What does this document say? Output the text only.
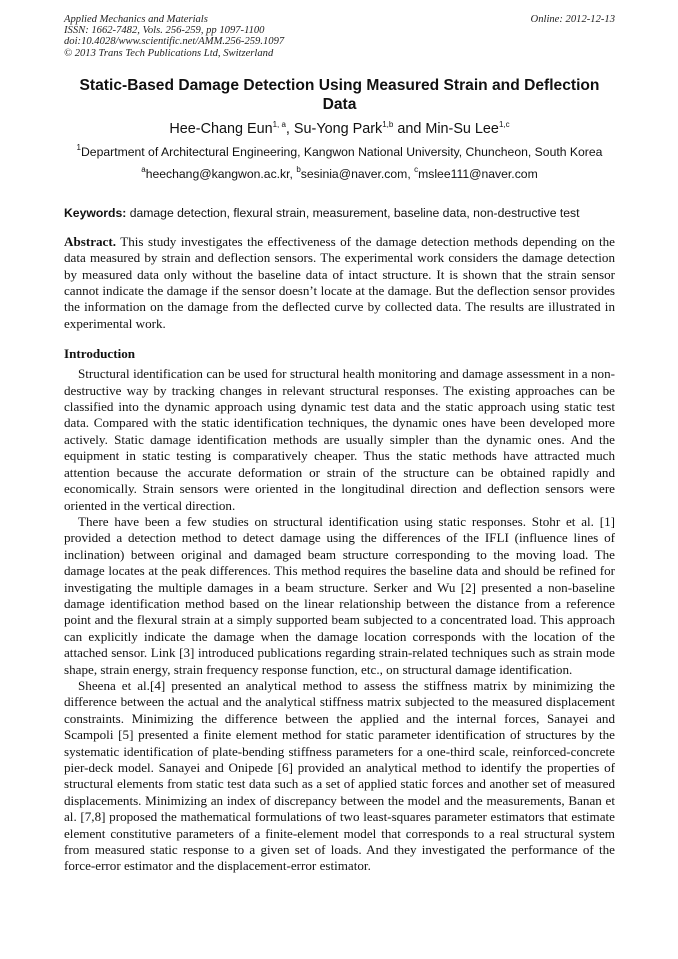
Applied Mechanics and Materials
ISSN: 1662-7482, Vols. 256-259, pp 1097-1100
doi:10.4028/www.scientific.net/AMM.256-259.1097
© 2013 Trans Tech Publications Ltd, Switzerland
Online: 2012-12-13
Static-Based Damage Detection Using Measured Strain and Deflection Data
Hee-Chang Eun$^{1, a}$, Su-Yong Park$^{1,b}$ and Min-Su Lee$^{1,c}$
$^1$Department of Architectural Engineering, Kangwon National University, Chuncheon, South Korea
$^a$heechang@kangwon.ac.kr, $^b$sesinia@naver.com, $^c$mslee111@naver.com
Keywords: damage detection, flexural strain, measurement, baseline data, non-destructive test

Abstract. This study investigates the effectiveness of the damage detection methods depending on the data measured by strain and deflection sensors. The experimental work considers the damage detection by measured data only without the baseline data of intact structure. It is shown that the strain sensor cannot indicate the damage if the sensor doesn’t locate at the damage. But the deflection sensor provides the information on the damage from the deflected curve by collected data. The results are illustrated in experimental work.

Introduction

Structural identification can be used for structural health monitoring and damage assessment in a non-destructive way by tracking changes in relevant structural responses. The existing approaches can be classified into the dynamic approach using dynamic test data and the static approach using static test data. Compared with the static identification techniques, the dynamic ones have been developed more actively. Static damage identification methods are usually simpler than the dynamic ones. And the equipment in static testing is comparatively cheaper. Thus the static methods have attracted much attention because the accurate deformation or strain of the structure can be obtained rapidly and economically. Strain sensors were oriented in the longitudinal direction and deflection sensors were oriented in the vertical direction.

There have been a few studies on structural identification using static responses. Stohr et al. [1] provided a detection method to detect damage using the differences of the IFLI (influence lines of inclination) between original and damaged beam structure corresponding to the moving load. The damage locates at the peak differences. This method requires the baseline data and should be refined for investigating the multiple damages in a beam structure. Serker and Wu [2] presented a non-baseline damage identification method based on the linear relationship between the distance from a reference point and the flexural strain at a simply supported beam subjected to a concentrated load. This approach can explicitly indicate the damage when the damage location corresponds with the location of the attached sensor. Link [3] introduced publications regarding strain-related techniques such as strain mode shape, strain energy, strain frequency response function, etc., on structural damage identification.

Sheena et al.[4] presented an analytical method to assess the stiffness matrix by minimizing the difference between the actual and the analytical stiffness matrix subjected to the measured displacement constraints. Minimizing the difference between the applied and the internal forces, Sanayei and Scampoli [5] presented a finite element method for static parameter identification of structures by the systematic identification of plate-bending stiffness parameters for a one-third scale, reinforced-concrete pier-deck model. Sanayei and Onipede [6] provided an analytical method to identify the properties of structural elements from static test data such as a set of applied static forces and another set of measured displacements. Minimizing an index of discrepancy between the model and the measurements, Banan et al. [7,8] proposed the mathematical formulations of two least-squares parameter estimators that estimate element constitutive parameters of a finite-element model that corresponds to a real structural system from measured static response to a given set of loads. And they investigated the performance of the force-error estimator and the displacement-error estimator.
